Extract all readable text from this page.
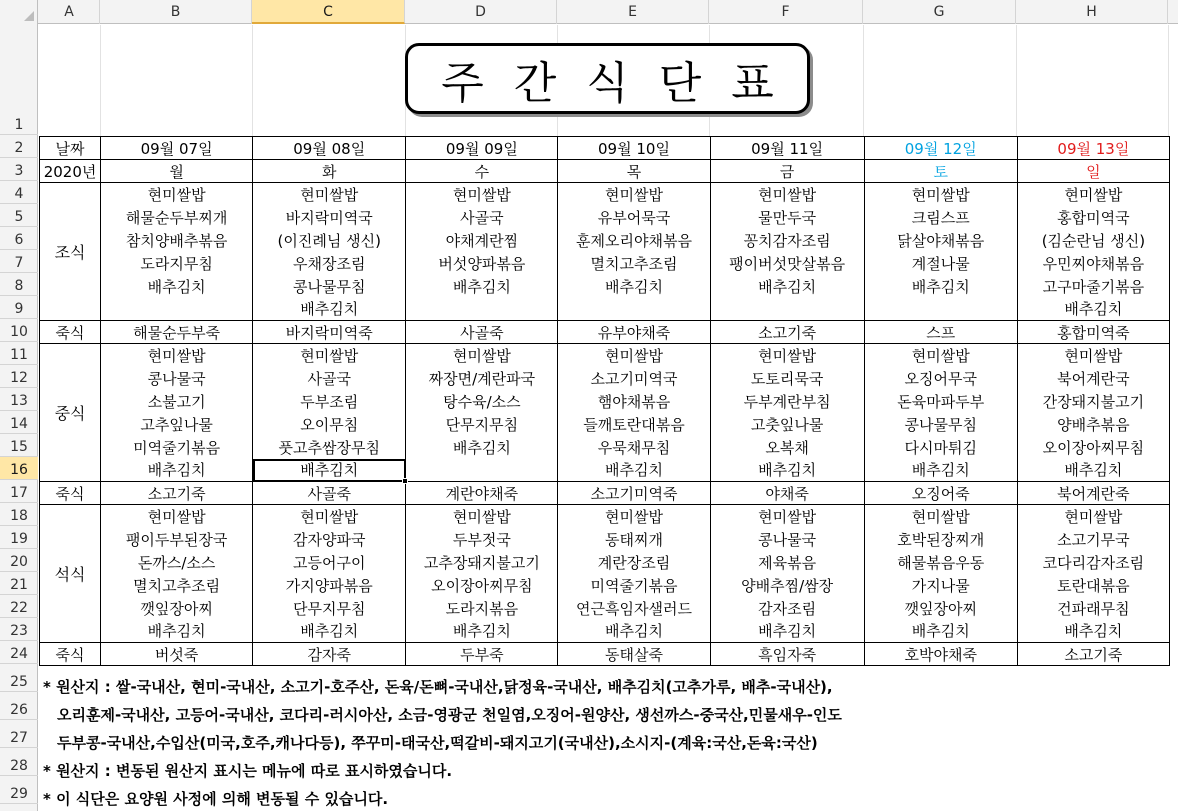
A	B	C	D	E	F	G	H
1
2
3
4
5
6
7
8
9
10
11
12
13
14
15
16
17
18
19
20
21
22
23
24
25
26
27
28
29
주간식단표
날짜	09월 07일	09월 08일	09월 09일	09월 10일	09월 11일	09월 12일	09월 13일
2020년	월	화	수	목	금	토	일
조식	현미쌀밥	현미쌀밥	현미쌀밥	현미쌀밥	현미쌀밥	현미쌀밥	현미쌀밥
	해물순두부찌개	바지락미역국	사골국	유부어묵국	물만두국	크림스프	홍합미역국
	참치양배추볶음	(이진례님 생신)	야채계란찜	훈제오리야채볶음	꽁치감자조림	닭살야채볶음	(김순란님 생신)
	도라지무침	우채장조림	버섯양파볶음	멸치고추조림	팽이버섯맛살볶음	계절나물	우민찌야채볶음
	배추김치	콩나물무침	배추김치	배추김치	배추김치	배추김치	고구마줄기볶음
		배추김치					배추김치
죽식	해물순두부죽	바지락미역죽	사골죽	유부야채죽	소고기죽	스프	홍합미역죽
중식	현미쌀밥	현미쌀밥	현미쌀밥	현미쌀밥	현미쌀밥	현미쌀밥	현미쌀밥
	콩나물국	사골국	짜장면/계란파국	소고기미역국	도토리묵국	오징어무국	북어계란국
	소불고기	두부조림	탕수육/소스	햄야채볶음	두부계란부침	돈육마파두부	간장돼지불고기
	고추잎나물	오이무침	단무지무침	들깨토란대볶음	고춧잎나물	콩나물무침	양배추볶음
	미역줄기볶음	풋고추쌈장무침	배추김치	우묵채무침	오복채	다시마튀김	오이장아찌무침
	배추김치	배추김치		배추김치	배추김치	배추김치	배추김치
죽식	소고기죽	사골죽	계란야채죽	소고기미역죽	야채죽	오징어죽	북어계란죽
석식	현미쌀밥	현미쌀밥	현미쌀밥	현미쌀밥	현미쌀밥	현미쌀밥	현미쌀밥
	팽이두부된장국	감자양파국	두부젓국	동태찌개	콩나물국	호박된장찌개	소고기무국
	돈까스/소스	고등어구이	고추장돼지불고기	계란장조림	제육볶음	해물볶음우동	코다리감자조림
	멸치고추조림	가지양파볶음	오이장아찌무침	미역줄기볶음	양배추찜/쌈장	가지나물	토란대볶음
	깻잎장아찌	단무지무침	도라지볶음	연근흑임자샐러드	감자조림	깻잎장아찌	건파래무침
	배추김치	배추김치	배추김치	배추김치	배추김치	배추김치	배추김치
죽식	버섯죽	감자죽	두부죽	동태살죽	흑임자죽	호박야채죽	소고기죽
* 원산지 : 쌀-국내산, 현미-국내산, 소고기-호주산, 돈육/돈뼈-국내산,닭정육-국내산, 배추김치(고추가루, 배추-국내산),
오리훈제-국내산, 고등어-국내산, 코다리-러시아산, 소금-영광군 천일염,오징어-원양산, 생선까스-중국산,민물새우-인도
두부콩-국내산,수입산(미국,호주,캐나다등), 쭈꾸미-태국산,떡갈비-돼지고기(국내산),소시지-(계육:국산,돈육:국산)
* 원산지 : 변동된 원산지 표시는 메뉴에 따로 표시하였습니다.
* 이 식단은 요양원 사정에 의해 변동될 수 있습니다.
